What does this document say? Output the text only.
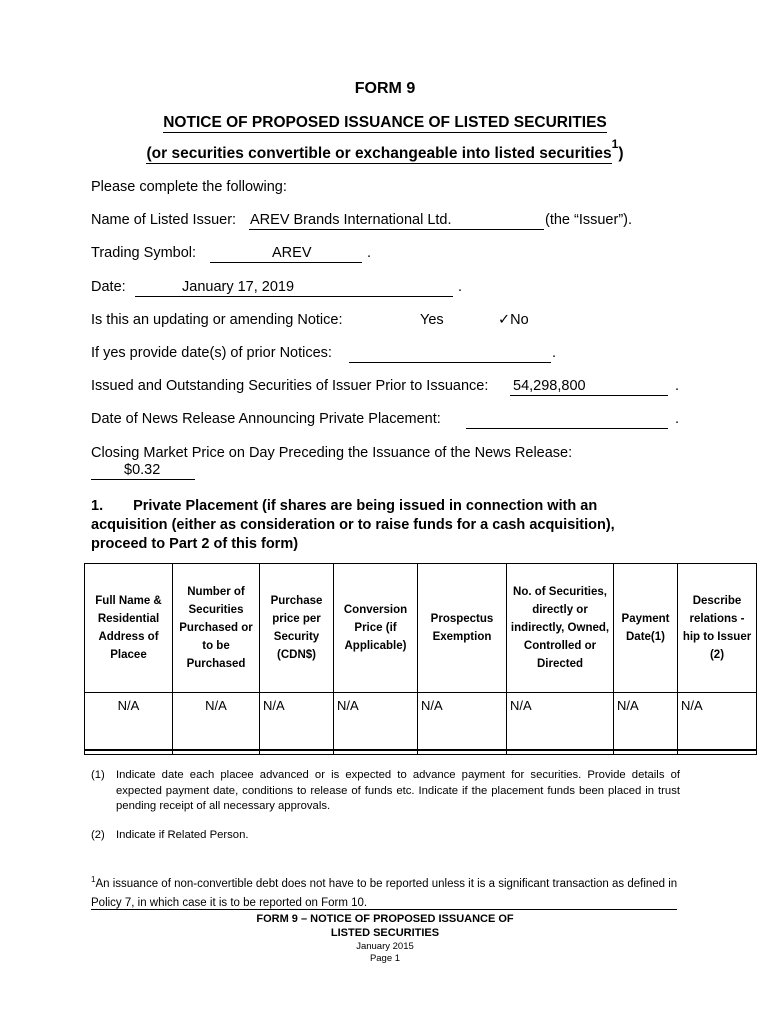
FORM 9
NOTICE OF PROPOSED ISSUANCE OF LISTED SECURITIES
(or securities convertible or exchangeable into listed securities$^1$)
Please complete the following:
Name of Listed Issuer: AREV Brands International Ltd.	(the “Issuer”).
Trading Symbol:	AREV	.
Date:	January 17, 2019	.
Is this an updating or amending Notice:	Yes	✓No
If yes provide date(s) of prior Notices:	.
Issued and Outstanding Securities of Issuer Prior to Issuance: 54,298,800	.
Date of News Release Announcing Private Placement:	.
Closing Market Price on Day Preceding the Issuance of the News Release:
$0.32
1. Private Placement (if shares are being issued in connection with an
acquisition (either as consideration or to raise funds for a cash acquisition),
proceed to Part 2 of this form)
Full Name & Residential Address of Placee	Number of Securities Purchased or to be Purchased	Purchase price per Security (CDN$)	Conversion Price (if Applicable)	Prospectus Exemption	No. of Securities, directly or indirectly, Owned, Controlled or Directed	Payment Date(1)	Describe relations -hip to Issuer (2)
N/A	N/A	N/A	N/A	N/A	N/A	N/A	N/A
(1) Indicate date each placee advanced or is expected to advance payment for securities. Provide details of expected payment date, conditions to release of funds etc. Indicate if the placement funds been placed in trust pending receipt of all necessary approvals.
(2) Indicate if Related Person.
$^1$An issuance of non-convertible debt does not have to be reported unless it is a significant transaction as defined in Policy 7, in which case it is to be reported on Form 10.
FORM 9 – NOTICE OF PROPOSED ISSUANCE OF
LISTED SECURITIES
January 2015
Page 1
